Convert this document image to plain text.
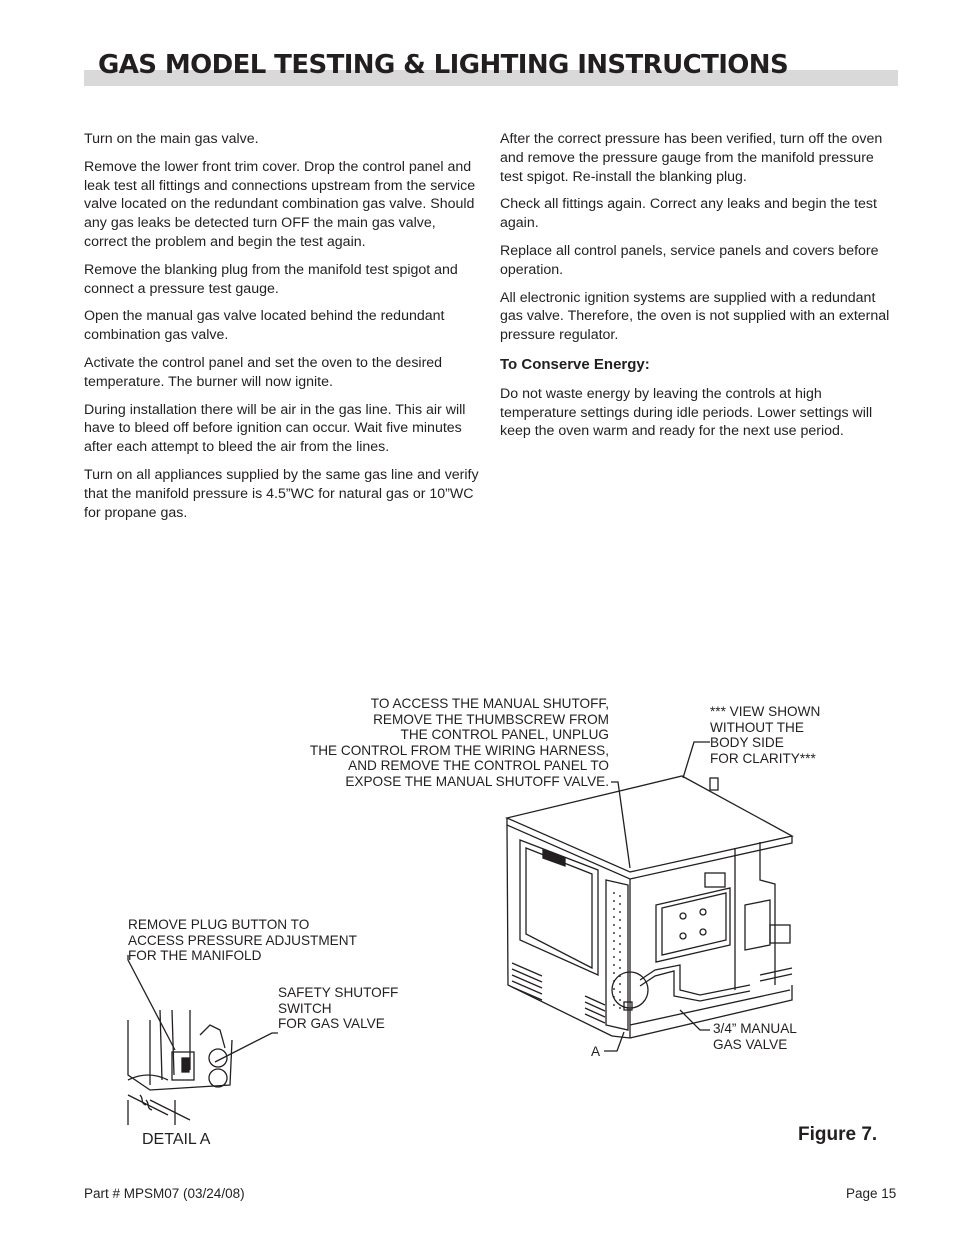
GAS MODEL TESTING & LIGHTING INSTRUCTIONS

Turn on the main gas valve.

Remove the lower front trim cover. Drop the control panel and leak test all fittings and connections upstream from the service valve located on the redundant combination gas valve. Should any gas leaks be detected turn OFF the main gas valve, correct the problem and begin the test again.

Remove the blanking plug from the manifold test spigot and connect a pressure test gauge.

Open the manual gas valve located behind the redundant combination gas valve.

Activate the control panel and set the oven to the desired temperature. The burner will now ignite.

During installation there will be air in the gas line. This air will have to bleed off before ignition can occur. Wait five minutes after each attempt to bleed the air from the lines.

Turn on all appliances supplied by the same gas line and verify that the manifold pressure is 4.5”WC for natural gas or 10”WC for propane gas.

After the correct pressure has been verified, turn off the oven and remove the pressure gauge from the manifold pressure test spigot. Re-install the blanking plug.

Check all fittings again. Correct any leaks and begin the test again.

Replace all control panels, service panels and covers before operation.

All electronic ignition systems are supplied with a redundant gas valve. Therefore, the oven is not supplied with an external pressure regulator.

To Conserve Energy:

Do not waste energy by leaving the controls at high temperature settings during idle periods. Lower settings will keep the oven warm and ready for the next use period.

TO ACCESS THE MANUAL SHUTOFF,
REMOVE THE THUMBSCREW FROM
THE CONTROL PANEL, UNPLUG
THE CONTROL FROM THE WIRING HARNESS,
AND REMOVE THE CONTROL PANEL TO
EXPOSE THE MANUAL SHUTOFF VALVE.
*** VIEW SHOWN
WITHOUT THE
BODY SIDE
FOR CLARITY***
REMOVE PLUG BUTTON TO
ACCESS PRESSURE ADJUSTMENT
FOR THE MANIFOLD
SAFETY SHUTOFF
SWITCH
FOR GAS VALVE	3/4” MANUAL
GAS VALVE
A
DETAIL A	Figure 7.
Part # MPSM07 (03/24/08)	Page 15
